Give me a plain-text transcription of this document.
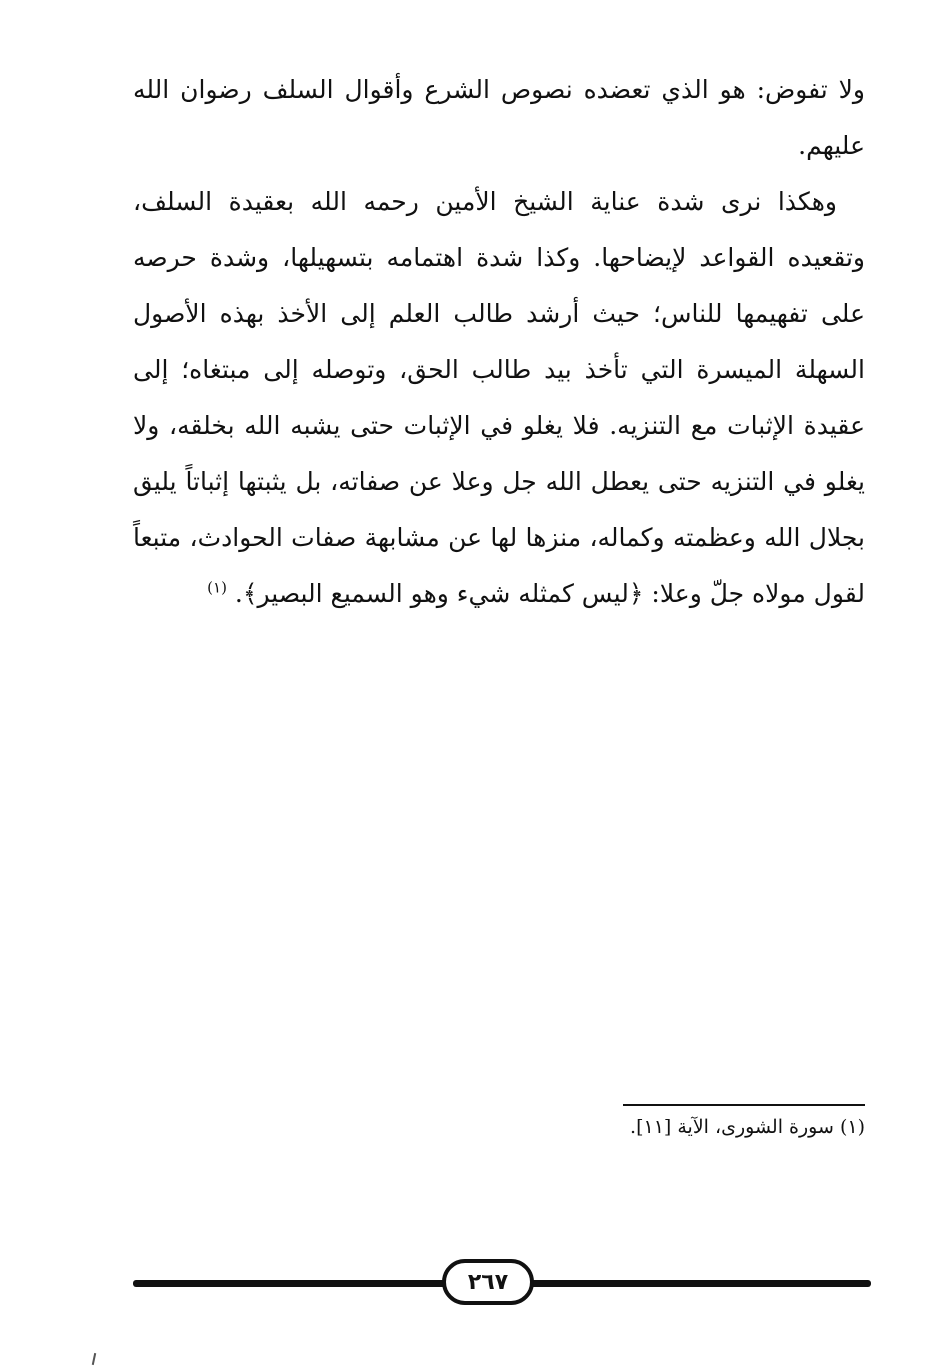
ولا تفوض: هو الذي تعضده نصوص الشرع وأقوال السلف رضوان الله عليهم.

وهكذا نرى شدة عناية الشيخ الأمين رحمه الله بعقيدة السلف، وتقعيده القواعد لإيضاحها. وكذا شدة اهتمامه بتسهيلها، وشدة حرصه على تفهيمها للناس؛ حيث أرشد طالب العلم إلى الأخذ بهذه الأصول السهلة الميسرة التي تأخذ بيد طالب الحق، وتوصله إلى مبتغاه؛ إلى عقيدة الإثبات مع التنزيه. فلا يغلو في الإثبات حتى يشبه الله بخلقه، ولا يغلو في التنزيه حتى يعطل الله جل وعلا عن صفاته، بل يثبتها إثباتاً يليق بجلال الله وعظمته وكماله، منزها لها عن مشابهة صفات الحوادث، متبعاً لقول مولاه جلّ وعلا: ﴿ليس كمثله شيء وهو السميع البصير﴾. $^{(١)}$

(١) سورة الشورى، الآية [١١].
٢٦٧
